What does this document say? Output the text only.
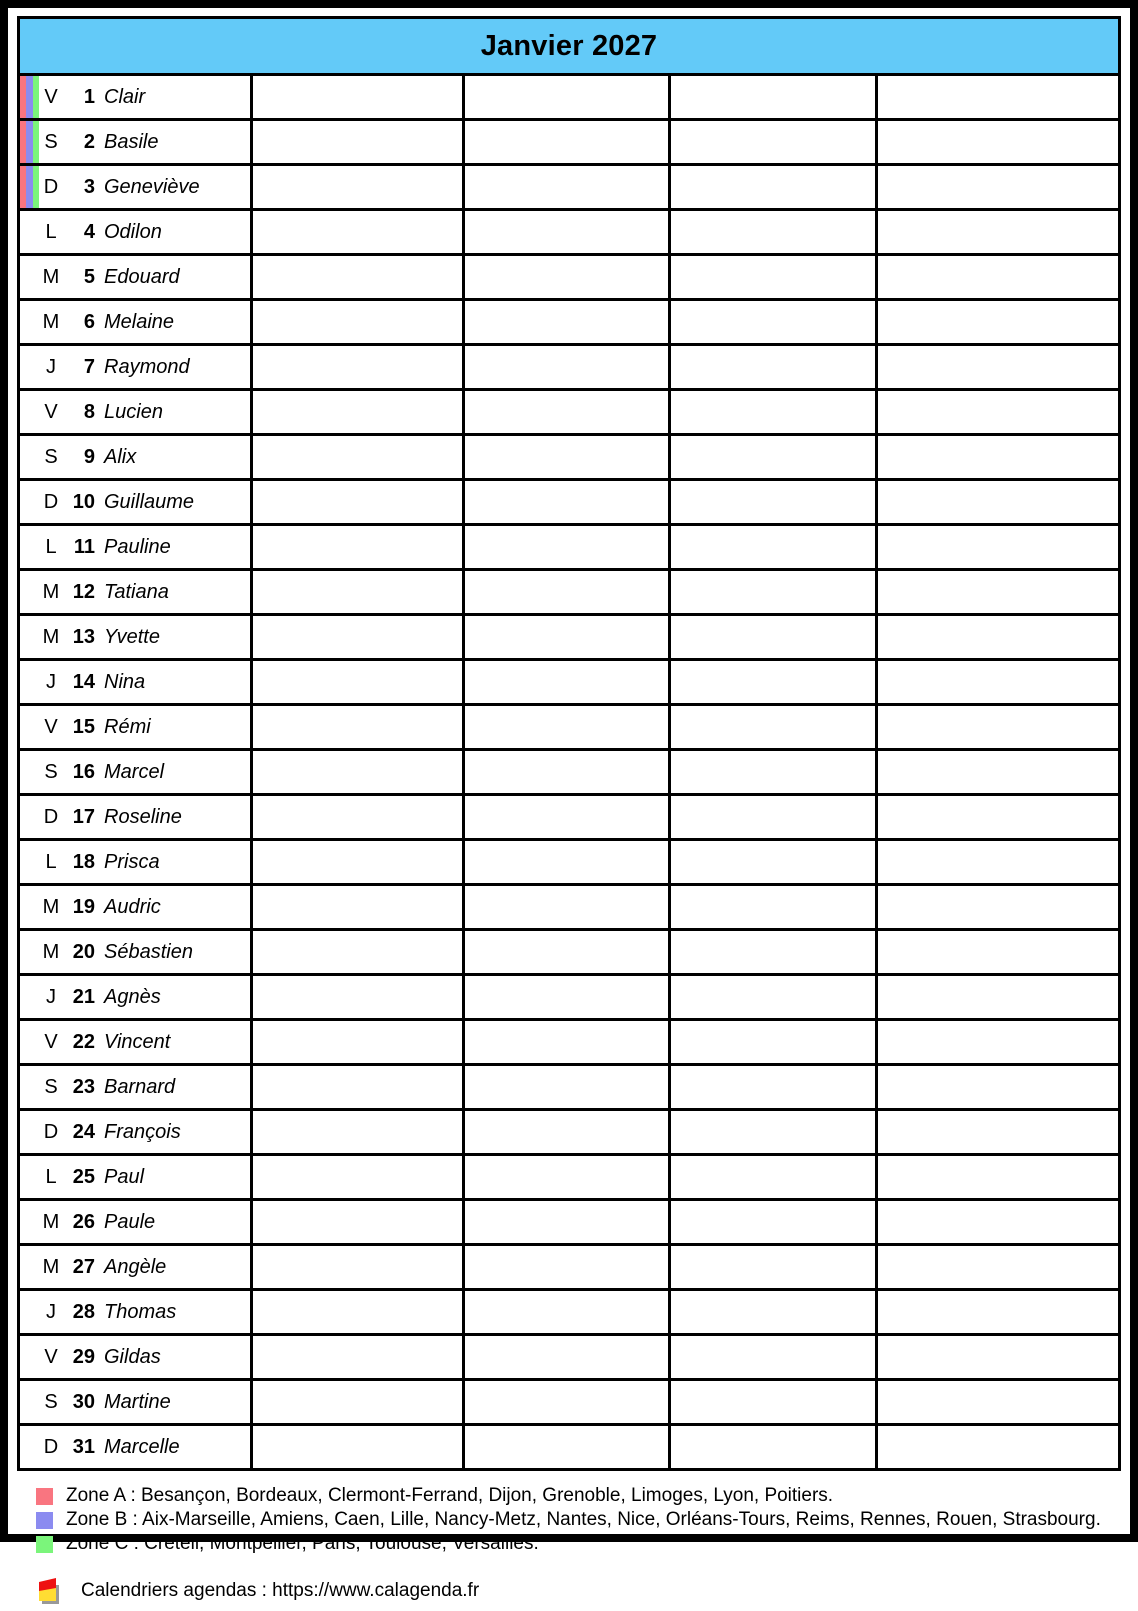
Janvier 2027				

V 1 Clair				

S 2 Basile				

D 3 Geneviève				

L 4 Odilon				

M 5 Edouard				

M 6 Melaine				

J 7 Raymond				

V 8 Lucien				

S 9 Alix				

D 10 Guillaume				

L 11 Pauline				

M 12 Tatiana				

M 13 Yvette				

J 14 Nina				

V 15 Rémi				

S 16 Marcel				

D 17 Roseline				

L 18 Prisca				

M 19 Audric				

M 20 Sébastien				

J 21 Agnès				

V 22 Vincent				

S 23 Barnard				

D 24 François				

L 25 Paul				

M 26 Paule				

M 27 Angèle				

J 28 Thomas				

V 29 Gildas				

S 30 Martine				

D 31 Marcelle				

Zone A : Besançon, Bordeaux, Clermont-Ferrand, Dijon, Grenoble, Limoges, Lyon, Poitiers.
Zone B : Aix-Marseille, Amiens, Caen, Lille, Nancy-Metz, Nantes, Nice, Orléans-Tours, Reims, Rennes, Rouen, Strasbourg.
Zone C : Créteil, Montpellier, Paris, Toulouse, Versailles.
Calendriers agendas : https://www.calagenda.fr
